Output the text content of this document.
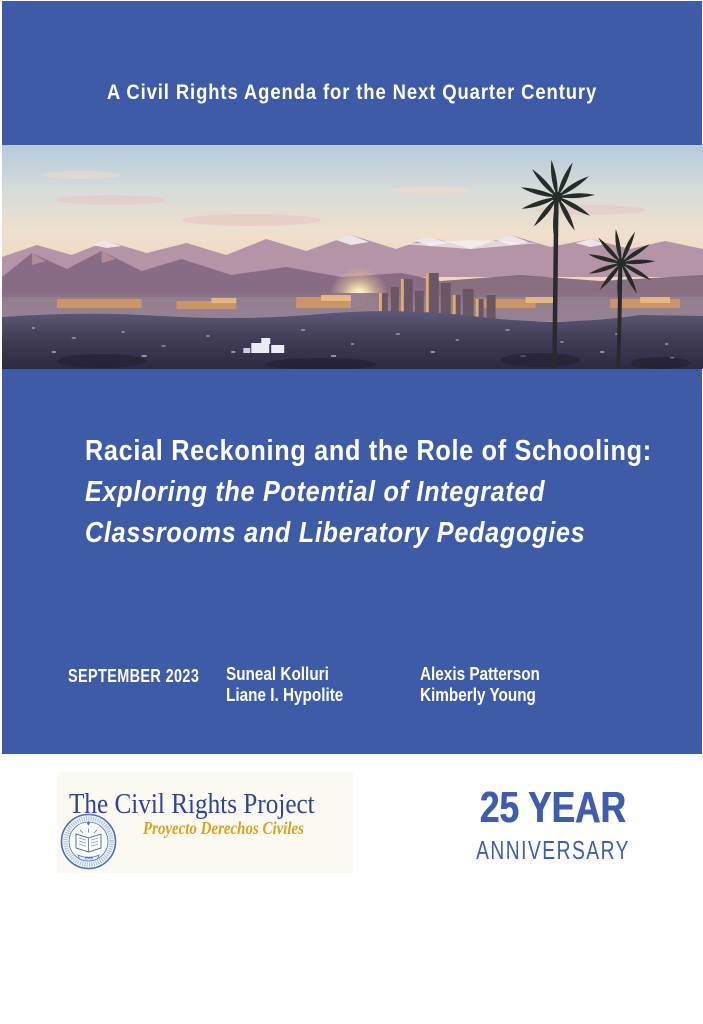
A Civil Rights Agenda for the Next Quarter Century
Racial Reckoning and the Role of Schooling:
Exploring the Potential of Integrated
Classrooms and Liberatory Pedagogies
SEPTEMBER 2023 Suneal Kolluri
Liane I. Hypolite
Alexis Patterson
Kimberly Young
1868
The Civil Rights Project
Proyecto Derechos Civiles	25 YEAR
ANNIVERSARY
